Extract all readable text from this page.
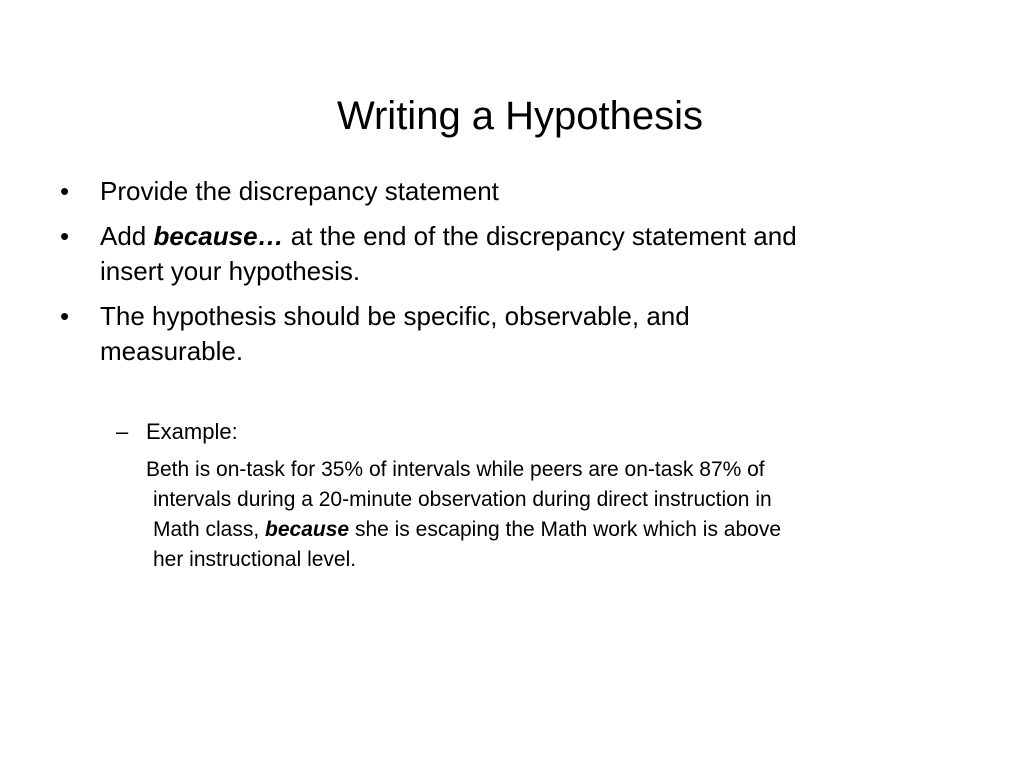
Writing a Hypothesis
•	Provide the discrepancy statement
•	Add because… at the end of the discrepancy statement and
insert your hypothesis.
•	The hypothesis should be specific, observable, and
measurable.
– Example:
Beth is on-task for 35% of intervals while peers are on-task 87% of
intervals during a 20-minute observation during direct instruction in
Math class, because she is escaping the Math work which is above
her instructional level.
